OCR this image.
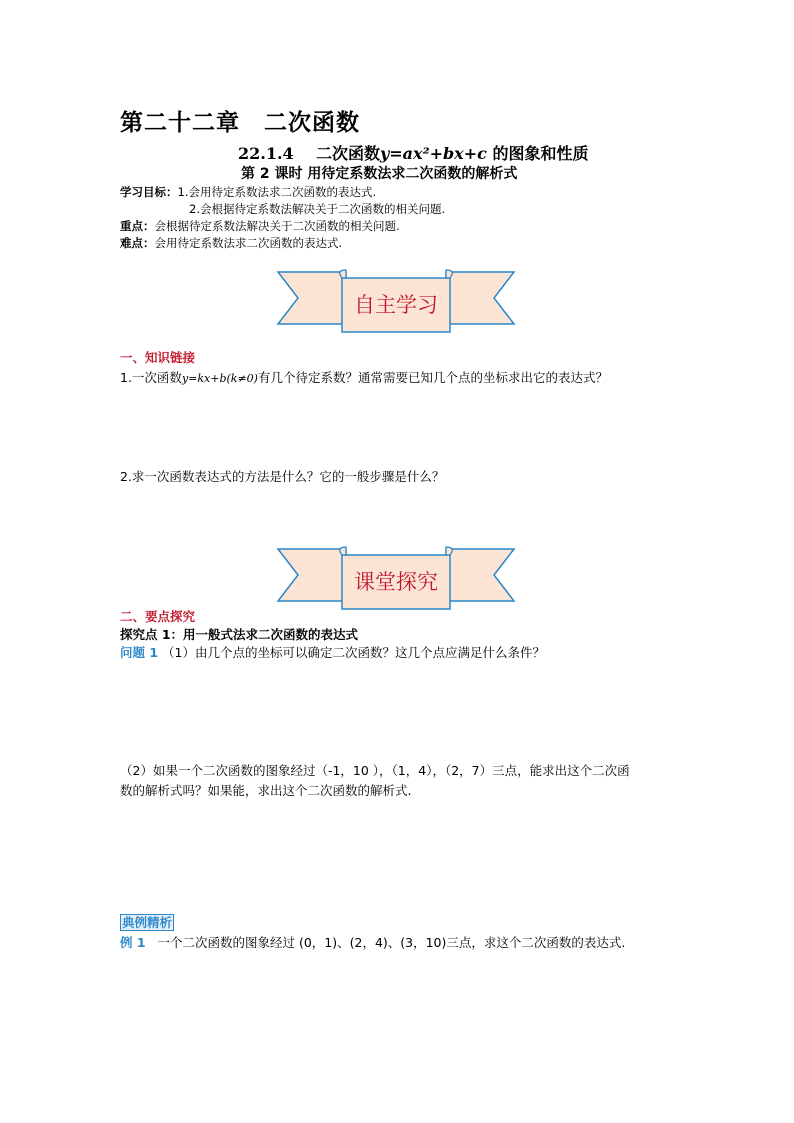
第二十二章　二次函数
22.1.4 二次函数y=ax²+bx+c 的图象和性质
第 2 课时 用待定系数法求二次函数的解析式
学习目标：1.会用待定系数法求二次函数的表达式.
2.会根据待定系数法解决关于二次函数的相关问题.
重点：会根据待定系数法解决关于二次函数的相关问题.
难点：会用待定系数法求二次函数的表达式.
自主学习
一、知识链接
1.一次函数y=kx+b(k≠0)有几个待定系数？通常需要已知几个点的坐标求出它的表达式？
2.求一次函数表达式的方法是什么？它的一般步骤是什么？
课堂探究
二、要点探究
探究点 1：用一般式法求二次函数的表达式
问题 1 （1）由几个点的坐标可以确定二次函数？这几个点应满足什么条件？
（2）如果一个二次函数的图象经过（-1，10 ），（1，4），（2，7）三点，能求出这个二次函
数的解析式吗？如果能，求出这个二次函数的解析式.
典例精析
例 1 一个二次函数的图象经过 (0，1)、(2，4)、(3，10)三点，求这个二次函数的表达式.
